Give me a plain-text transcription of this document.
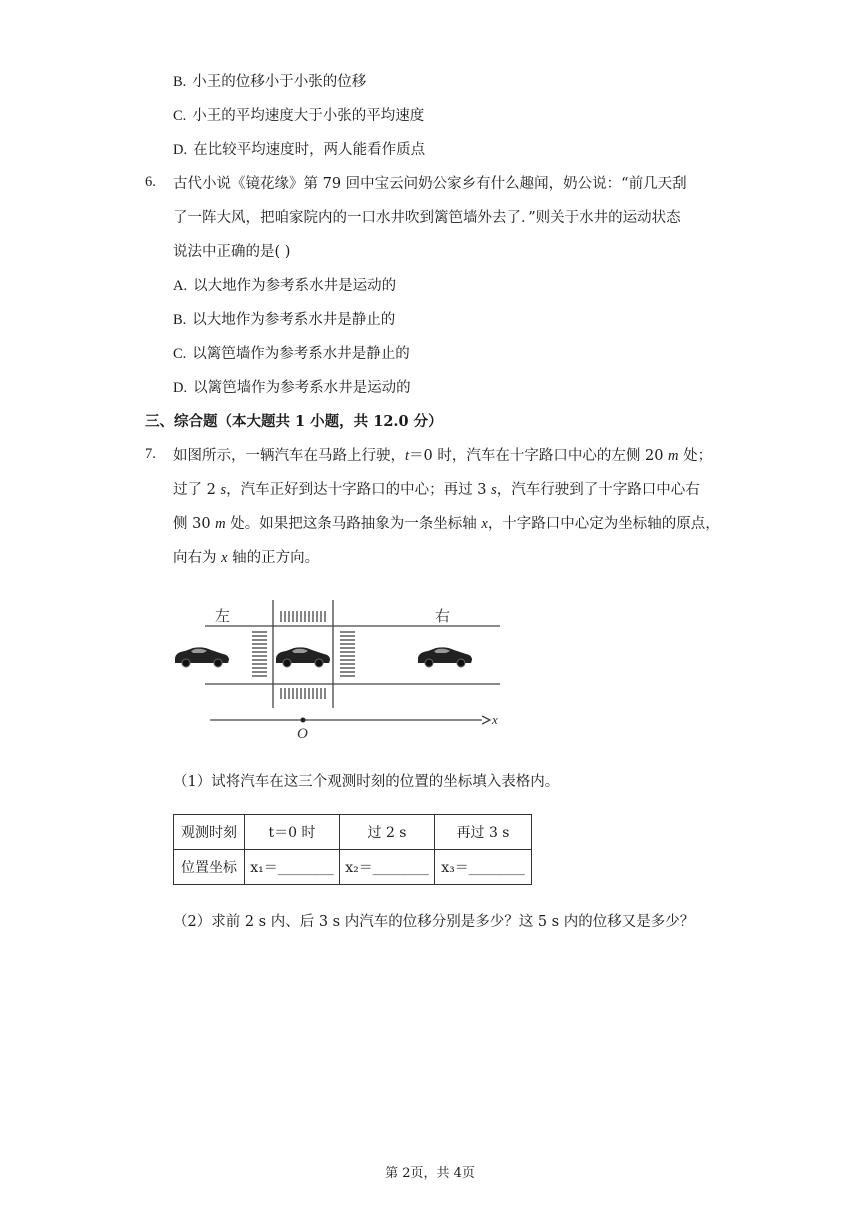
B. 小王的位移小于小张的位移
C. 小王的平均速度大于小张的平均速度
D. 在比较平均速度时，两人能看作质点
6. 古代小说《镜花缘》第 79 回中宝云问奶公家乡有什么趣闻，奶公说：“前几天刮
了一阵大风，把咱家院内的一口水井吹到篱笆墙外去了．”则关于水井的运动状态
说法中正确的是( )
A. 以大地作为参考系水井是运动的
B. 以大地作为参考系水井是静止的
C. 以篱笆墙作为参考系水井是静止的
D. 以篱笆墙作为参考系水井是运动的
三、综合题（本大题共 1 小题，共 12.0 分）
7. 如图所示，一辆汽车在马路上行驶，t＝0 时，汽车在十字路口中心的左侧 20 m 处；
过了 2 s，汽车正好到达十字路口的中心；再过 3 s，汽车行驶到了十字路口中心右
侧 30 m 处。如果把这条马路抽象为一条坐标轴 x，十字路口中心定为坐标轴的原点，
向右为 x 轴的正方向。
左	右
O
x
（1）试将汽车在这三个观测时刻的位置的坐标填入表格内。
观测时刻	t＝0 时	过 2 s	再过 3 s
位置坐标	x₁＝________	x₂＝________	x₃＝________
（2）求前 2 s 内、后 3 s 内汽车的位移分别是多少？这 5 s 内的位移又是多少？
第 2页，共 4页
